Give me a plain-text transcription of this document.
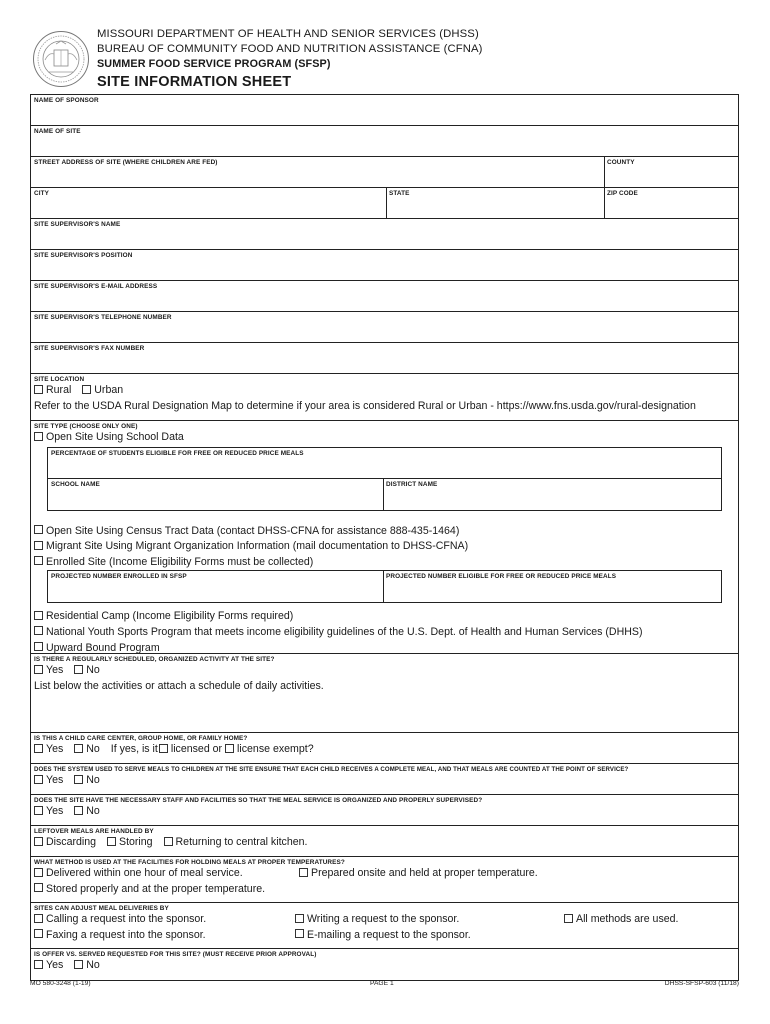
MISSOURI DEPARTMENT OF HEALTH AND SENIOR SERVICES (DHSS)
BUREAU OF COMMUNITY FOOD AND NUTRITION ASSISTANCE (CFNA)
SUMMER FOOD SERVICE PROGRAM (SFSP)
SITE INFORMATION SHEET
NAME OF SPONSOR
NAME OF SITE
STREET ADDRESS OF SITE (WHERE CHILDREN ARE FED)	COUNTY
CITY	STATE	ZIP CODE
SITE SUPERVISOR'S NAME
SITE SUPERVISOR'S POSITION
SITE SUPERVISOR'S E-MAIL ADDRESS
SITE SUPERVISOR'S TELEPHONE NUMBER
SITE SUPERVISOR'S FAX NUMBER
SITE LOCATION
Rural Urban
Refer to the USDA Rural Designation Map to determine if your area is considered Rural or Urban - https://www.fns.usda.gov/rural-designation
SITE TYPE (CHOOSE ONLY ONE)
Open Site Using School Data
PERCENTAGE OF STUDENTS ELIGIBLE FOR FREE OR REDUCED PRICE MEALS
SCHOOL NAME	DISTRICT NAME
Open Site Using Census Tract Data (contact DHSS-CFNA for assistance 888-435-1464)
Migrant Site Using Migrant Organization Information (mail documentation to DHSS-CFNA)
Enrolled Site (Income Eligibility Forms must be collected)
PROJECTED NUMBER ENROLLED IN SFSP	PROJECTED NUMBER ELIGIBLE FOR FREE OR REDUCED PRICE MEALS
Residential Camp (Income Eligibility Forms required)
National Youth Sports Program that meets income eligibility guidelines of the U.S. Dept. of Health and Human Services (DHHS)
Upward Bound Program
IS THERE A REGULARLY SCHEDULED, ORGANIZED ACTIVITY AT THE SITE?
Yes No
List below the activities or attach a schedule of daily activities.
IS THIS A CHILD CARE CENTER, GROUP HOME, OR FAMILY HOME?
Yes No If yes, is it licensed or license exempt?
DOES THE SYSTEM USED TO SERVE MEALS TO CHILDREN AT THE SITE ENSURE THAT EACH CHILD RECEIVES A COMPLETE MEAL, AND THAT MEALS ARE COUNTED AT THE POINT OF SERVICE?
Yes No
DOES THE SITE HAVE THE NECESSARY STAFF AND FACILITIES SO THAT THE MEAL SERVICE IS ORGANIZED AND PROPERLY SUPERVISED?
Yes No
LEFTOVER MEALS ARE HANDLED BY
Discarding Storing Returning to central kitchen.
WHAT METHOD IS USED AT THE FACILITIES FOR HOLDING MEALS AT PROPER TEMPERATURES?
Delivered within one hour of meal service.	Prepared onsite and held at proper temperature.
Stored properly and at the proper temperature.
SITES CAN ADJUST MEAL DELIVERIES BY
Calling a request into the sponsor.	Writing a request to the sponsor.	All methods are used.
Faxing a request into the sponsor.	E-mailing a request to the sponsor.
IS OFFER VS. SERVED REQUESTED FOR THIS SITE? (MUST RECEIVE PRIOR APPROVAL)
Yes No
MO 580-3248 (1-19)	PAGE 1	DHSS-SFSP-603 (11/18)
